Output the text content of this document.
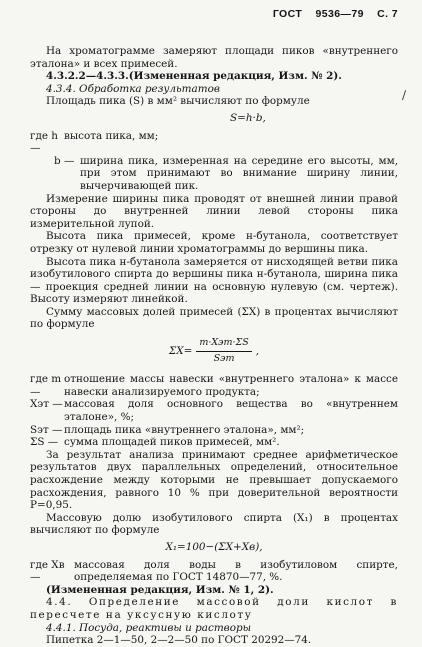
ГОСТ 9536—79 С. 7
∕

На хроматограмме замеряют площади пиков «внутреннего эталона» и всех примесей.

4.3.2.2—4.3.3.(Измененная редакция, Изм. № 2).

4.3.4. Обработка результатов

Площадь пика (S) в мм² вычисляют по формуле

S=h·b,

где h —
высота пика, мм;
b — ширина пика, измеренная на середине его высоты, мм, при этом принимают во внимание ширину линии, вычерчивающей пик.

Измерение ширины пика проводят от внешней линии правой стороны до внутренней линии левой стороны пика измерительной лупой.

Высота пика примесей, кроме н-бутанола, соответствует отрезку от нулевой линии хроматограммы до вершины пика.

Высота пика н-бутанола замеряется от нисходящей ветви пика изобутилового спирта до вершины пика н-бутанола, ширина пика — проекция средней линии на основную нулевую (см. чертеж). Высоту измеряют линейкой.

Сумму массовых долей примесей (ΣX) в процентах вычисляют по формуле

$\Sigma X= \frac{\text{m·Xэт·ΣS}}{\text{Sэт}}$ ,
где m —
отношение массы навески «внутреннего эталона» к массе навески анализируемого продукта;
Xэт — массовая доля основного вещества во «внутреннем эталоне», %;
Sэт — площадь пика «внутреннего эталона», мм²;
ΣS — сумма площадей пиков примесей, мм².

За результат анализа принимают среднее арифметическое результатов двух параллельных определений, относительное расхождение между которыми не превышает допускаемого расхождения, равного 10 % при доверительной вероятности P=0,95.

Массовую долю изобутилового спирта (X₁) в процентах вычисляют по формуле

X₁=100−(ΣX+Xв),

где Xв —
массовая доля воды в изобутиловом спирте, определяемая по ГОСТ 14870—77, %.

(Измененная редакция, Изм. № 1, 2).

4.4. Определение массовой доли кислот в пересчете на уксусную кислоту

4.4.1. Посуда, реактивы и растворы

Пипетка 2—1—50, 2—2—50 по ГОСТ 20292—74.
